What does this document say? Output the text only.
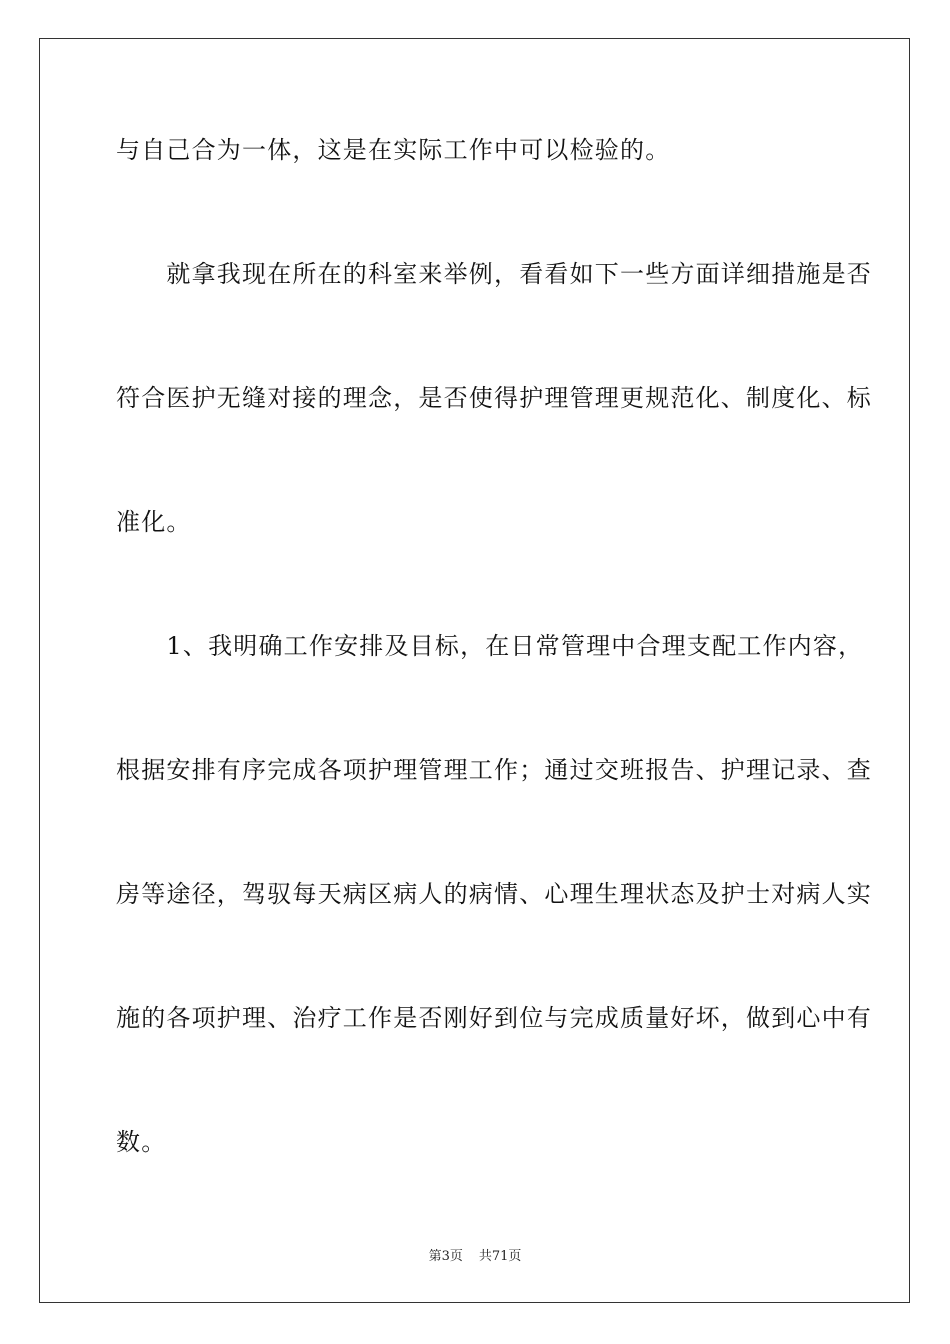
与自己合为一体，这是在实际工作中可以检验的。
　　就拿我现在所在的科室来举例，看看如下一些方面详细措施是否
符合医护无缝对接的理念，是否使得护理管理更规范化、制度化、标
准化。
　　1、我明确工作安排及目标，在日常管理中合理支配工作内容，
根据安排有序完成各项护理管理工作；通过交班报告、护理记录、查
房等途径，驾驭每天病区病人的病情、心理生理状态及护士对病人实
施的各项护理、治疗工作是否刚好到位与完成质量好坏，做到心中有
数。
第3页 共71页
